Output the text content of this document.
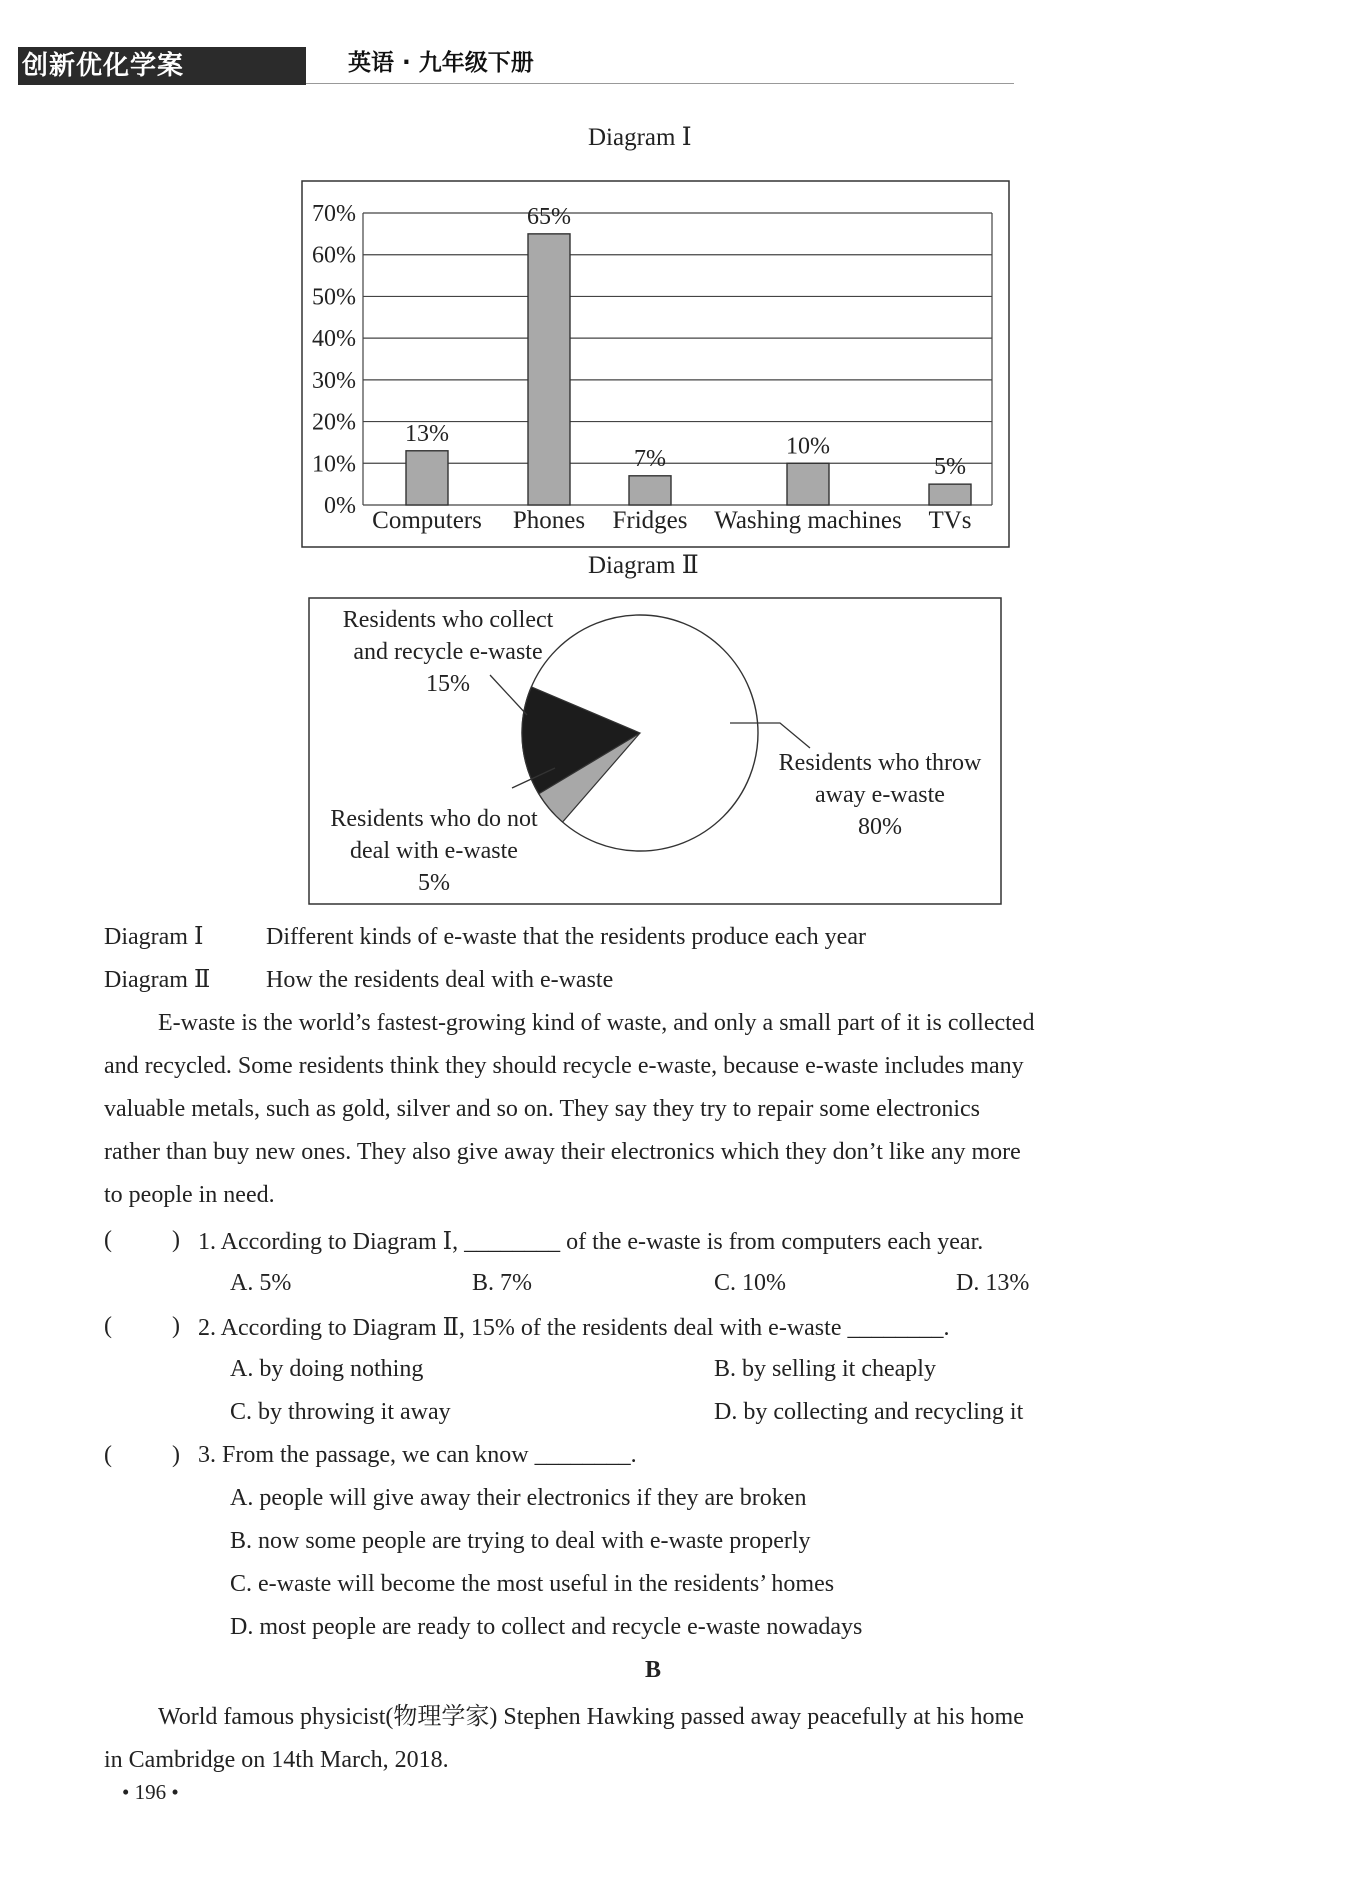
创新优化学案	英语 · 九年级下册
Diagram Ⅰ
0%
10%
20%
30%
40%
50%
60%
70%
13%
65%
7%	10%
5%
Computers Phones Fridges Washing machines TVs
Diagram Ⅱ
Residents who collect
and recycle e-waste
15%
Residents who throw
away e-waste
80%
Residents who do not
deal with e-waste
5%
Diagram Ⅰ	Different kinds of e-waste that the residents produce each year
Diagram Ⅱ How the residents deal with e-waste
E-waste is the world’s fastest-growing kind of waste, and only a small part of it is collected
and recycled. Some residents think they should recycle e-waste, because e-waste includes many
valuable metals, such as gold, silver and so on. They say they try to repair some electronics
rather than buy new ones. They also give away their electronics which they don’t like any more
to people in need.
(	) 1. According to Diagram Ⅰ, ________ of the e-waste is from computers each year.
A. 5%	B. 7%	C. 10%	D. 13%
(	) 2. According to Diagram Ⅱ, 15% of the residents deal with e-waste ________.
A. by doing nothing	B. by selling it cheaply
C. by throwing it away	D. by collecting and recycling it
(	) 3. From the passage, we can know ________.
A. people will give away their electronics if they are broken
B. now some people are trying to deal with e-waste properly
C. e-waste will become the most useful in the residents’ homes
D. most people are ready to collect and recycle e-waste nowadays
B
World famous physicist(物理学家) Stephen Hawking passed away peacefully at his home
in Cambridge on 14th March, 2018.
• 196 •
